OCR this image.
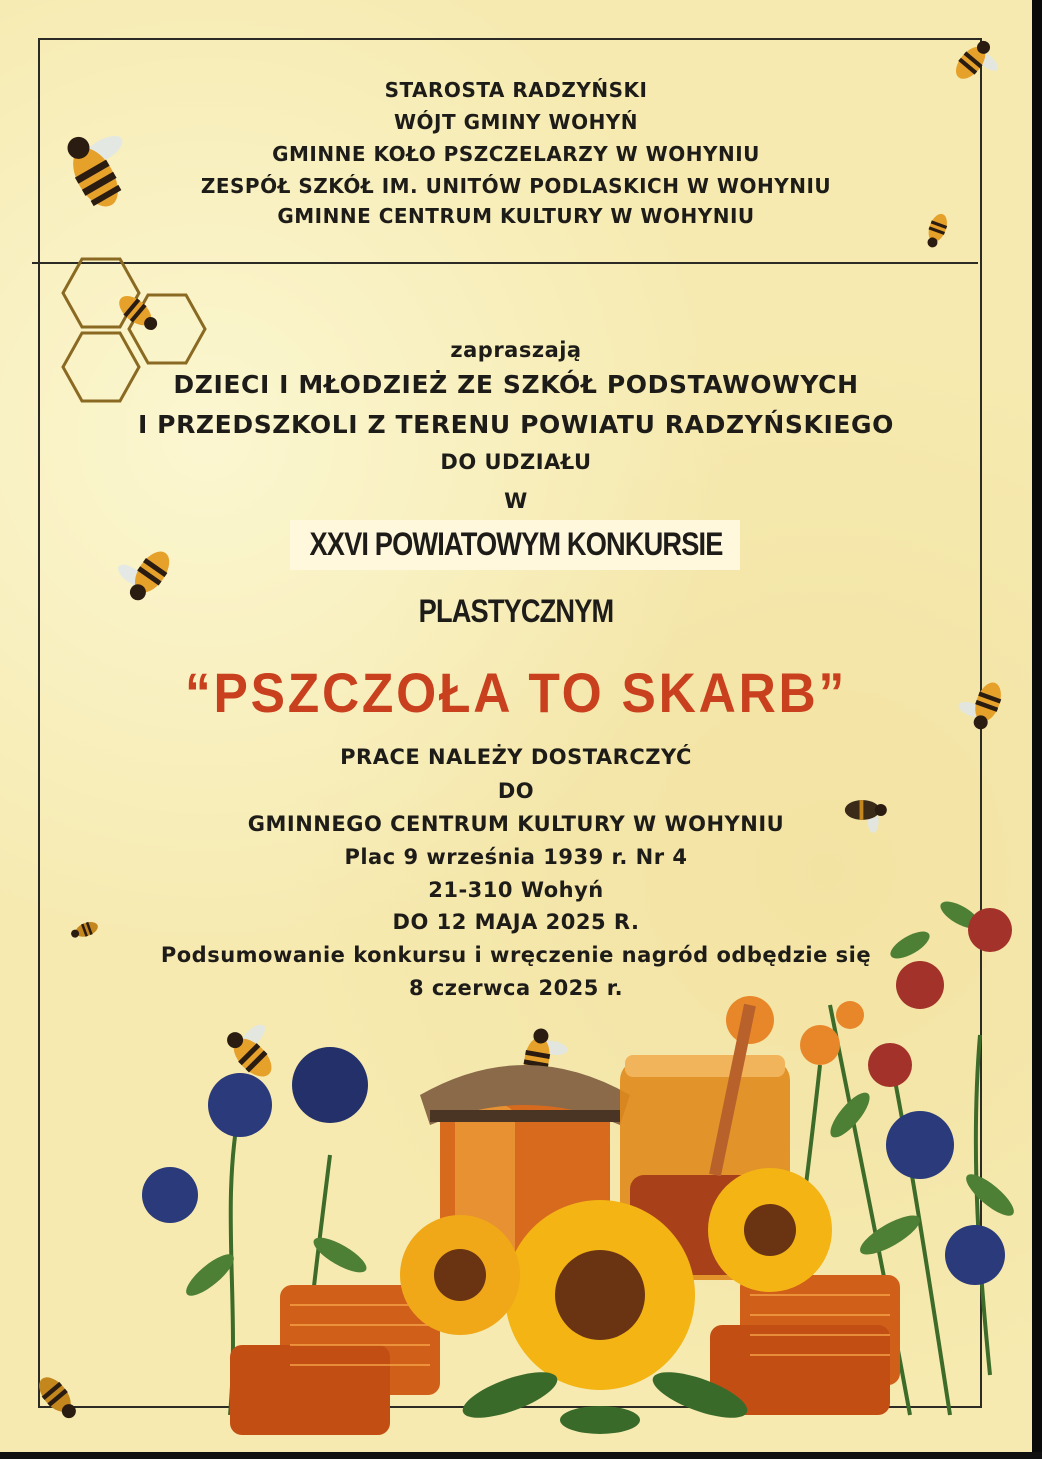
STAROSTA RADZYŃSKI
WÓJT GMINY WOHYŃ
GMINNE KOŁO PSZCZELARZY W WOHYNIU
ZESPÓŁ SZKÓŁ IM. UNITÓW PODLASKICH W WOHYNIU
GMINNE CENTRUM KULTURY W WOHYNIU
zapraszają
DZIECI I MŁODZIEŻ ZE SZKÓŁ PODSTAWOWYCH
I PRZEDSZKOLI Z TERENU POWIATU RADZYŃSKIEGO
DO UDZIAŁU
W
XXVI POWIATOWYM KONKURSIE
PLASTYCZNYM
“PSZCZOŁA TO SKARB”
PRACE NALEŻY DOSTARCZYĆ
DO
GMINNEGO CENTRUM KULTURY W WOHYNIU
Plac 9 września 1939 r. Nr 4
21-310 Wohyń
DO 12 MAJA 2025 R.
Podsumowanie konkursu i wręczenie nagród odbędzie się
8 czerwca 2025 r.
